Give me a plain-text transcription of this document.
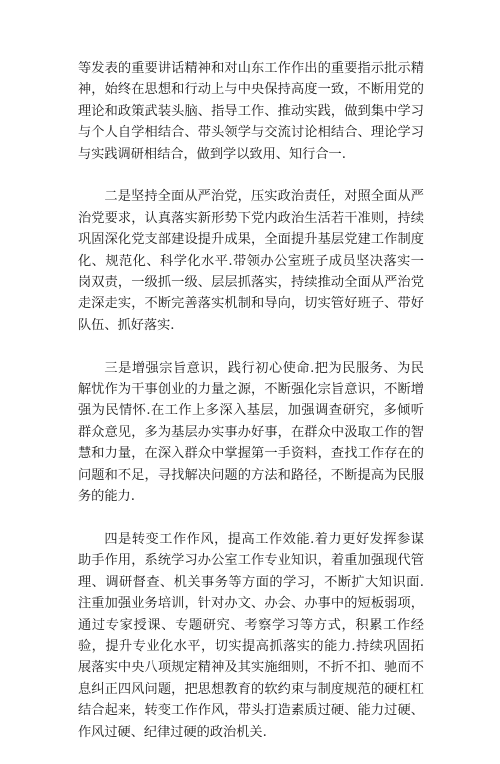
等发表的重要讲话精神和对山东工作作出的重要指示批示精神，始终在思想和行动上与中央保持高度一致，不断用党的理论和政策武装头脑、指导工作、推动实践，做到集中学习与个人自学相结合、带头领学与交流讨论相结合、理论学习与实践调研相结合，做到学以致用、知行合一.

二是坚持全面从严治党，压实政治责任，对照全面从严治党要求，认真落实新形势下党内政治生活若干准则，持续巩固深化党支部建设提升成果，全面提升基层党建工作制度化、规范化、科学化水平.带领办公室班子成员坚决落实一岗双责，一级抓一级、层层抓落实，持续推动全面从严治党走深走实，不断完善落实机制和导向，切实管好班子、带好队伍、抓好落实.

三是增强宗旨意识，践行初心使命.把为民服务、为民解忧作为干事创业的力量之源，不断强化宗旨意识，不断增强为民情怀.在工作上多深入基层，加强调查研究，多倾听群众意见，多为基层办实事办好事，在群众中汲取工作的智慧和力量，在深入群众中掌握第一手资料，查找工作存在的问题和不足，寻找解决问题的方法和路径，不断提高为民服务的能力.

四是转变工作作风，提高工作效能.着力更好发挥参谋助手作用，系统学习办公室工作专业知识，着重加强现代管理、调研督查、机关事务等方面的学习，不断扩大知识面.注重加强业务培训，针对办文、办会、办事中的短板弱项，通过专家授课、专题研究、考察学习等方式，积累工作经验，提升专业化水平，切实提高抓落实的能力.持续巩固拓展落实中央八项规定精神及其实施细则，不折不扣、驰而不息纠正四风问题，把思想教育的软约束与制度规范的硬杠杠结合起来，转变工作作风，带头打造素质过硬、能力过硬、作风过硬、纪律过硬的政治机关.
